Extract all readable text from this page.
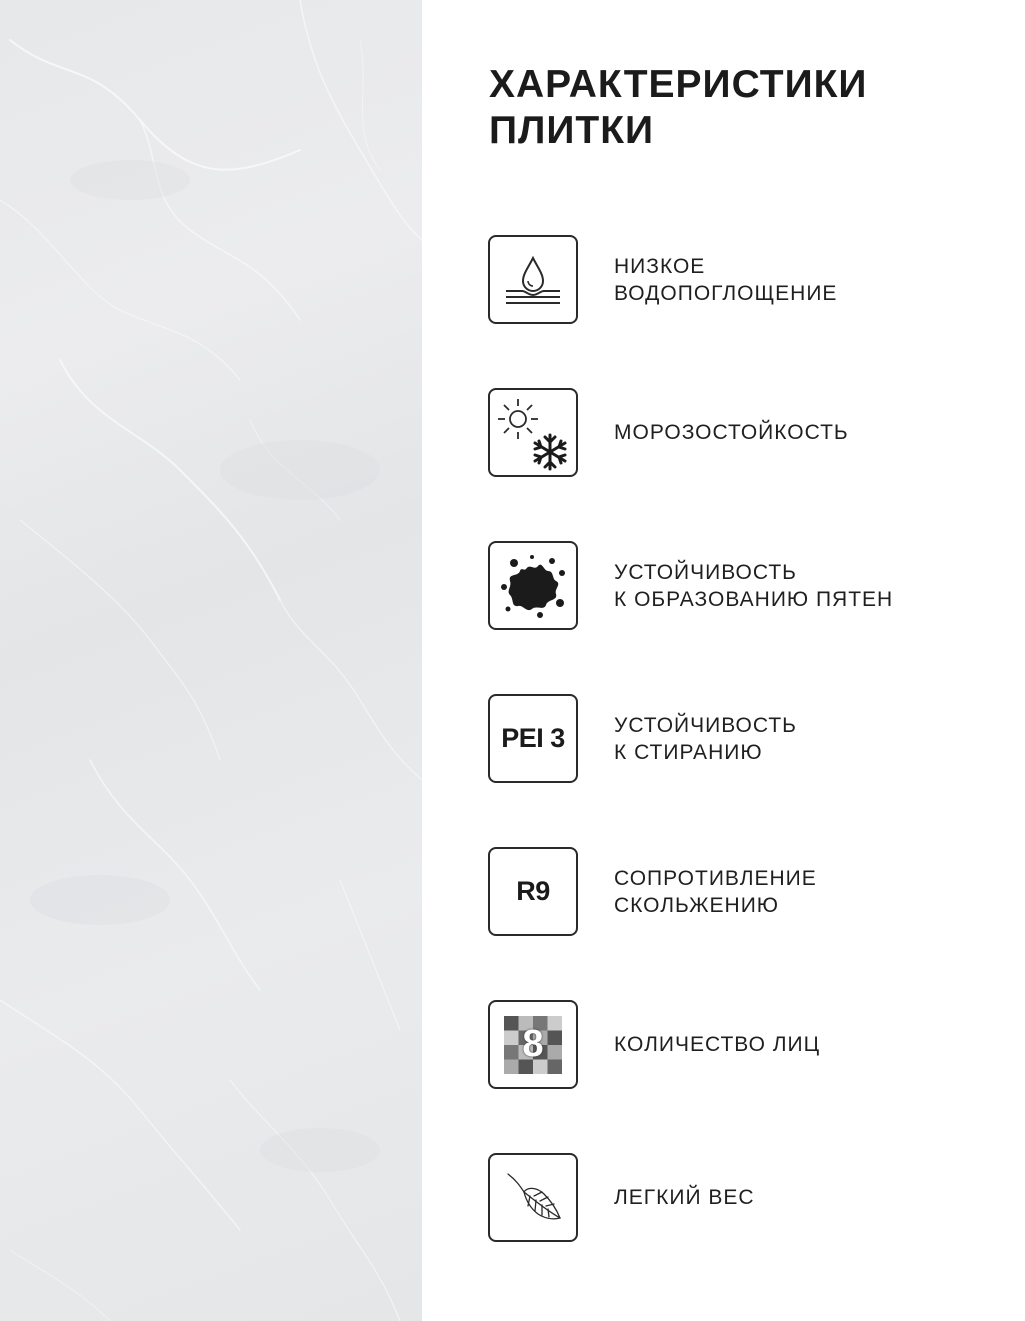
ХАРАКТЕРИСТИКИ
ПЛИТКИ
НИЗКОЕ
ВОДОПОГЛОЩЕНИЕ
МОРОЗОСТОЙКОСТЬ
УСТОЙЧИВОСТЬ
К ОБРАЗОВАНИЮ ПЯТЕН
PEI 3 УСТОЙЧИВОСТЬ
К СТИРАНИЮ
R9	СОПРОТИВЛЕНИЕ
СКОЛЬЖЕНИЮ
8	КОЛИЧЕСТВО ЛИЦ
ЛЕГКИЙ ВЕС
